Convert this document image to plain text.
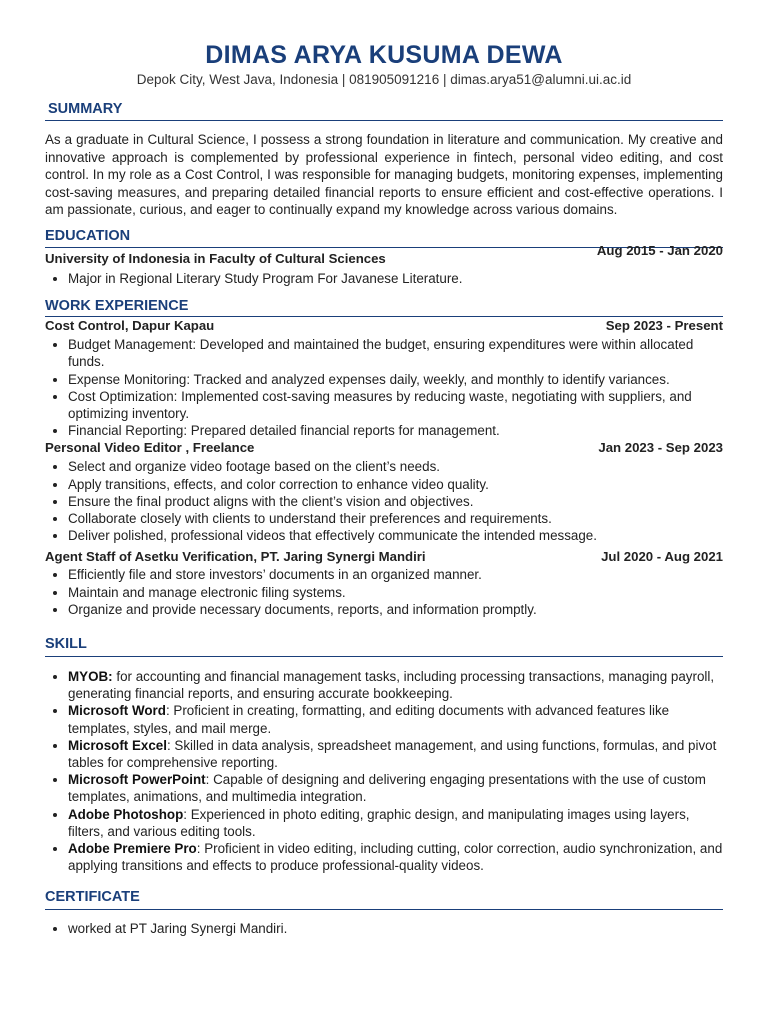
DIMAS ARYA KUSUMA DEWA
Depok City, West Java, Indonesia | 081905091216 | dimas.arya51@alumni.ui.ac.id
SUMMARY
As a graduate in Cultural Science, I possess a strong foundation in literature and communication. My creative and innovative approach is complemented by professional experience in fintech, personal video editing, and cost control. In my role as a Cost Control, I was responsible for managing budgets, monitoring expenses, implementing cost-saving measures, and preparing detailed financial reports to ensure efficient and cost-effective operations. I am passionate, curious, and eager to continually expand my knowledge across various domains.
EDUCATION
University of Indonesia in Faculty of Cultural Sciences
Aug 2015 - Jan 2020
• Major in Regional Literary Study Program For Javanese Literature.
WORK EXPERIENCE
Cost Control, Dapur Kapau	Sep 2023 - Present
• Budget Management: Developed and maintained the budget, ensuring expenditures were within allocated funds.
• Expense Monitoring: Tracked and analyzed expenses daily, weekly, and monthly to identify variances.
• Cost Optimization: Implemented cost-saving measures by reducing waste, negotiating with suppliers, and optimizing inventory.
• Financial Reporting: Prepared detailed financial reports for management.
Personal Video Editor , Freelance	Jan 2023 - Sep 2023
• Select and organize video footage based on the client’s needs.
• Apply transitions, effects, and color correction to enhance video quality.
• Ensure the final product aligns with the client’s vision and objectives.
• Collaborate closely with clients to understand their preferences and requirements.
• Deliver polished, professional videos that effectively communicate the intended message.
Agent Staff of Asetku Verification, PT. Jaring Synergi Mandiri	Jul 2020 - Aug 2021
• Efficiently file and store investors’ documents in an organized manner.
• Maintain and manage electronic filing systems.
• Organize and provide necessary documents, reports, and information promptly.
SKILL
• MYOB: for accounting and financial management tasks, including processing transactions, managing payroll, generating financial reports, and ensuring accurate bookkeeping.
• Microsoft Word: Proficient in creating, formatting, and editing documents with advanced features like templates, styles, and mail merge.
• Microsoft Excel: Skilled in data analysis, spreadsheet management, and using functions, formulas, and pivot tables for comprehensive reporting.
• Microsoft PowerPoint: Capable of designing and delivering engaging presentations with the use of custom templates, animations, and multimedia integration.
• Adobe Photoshop: Experienced in photo editing, graphic design, and manipulating images using layers, filters, and various editing tools.
• Adobe Premiere Pro: Proficient in video editing, including cutting, color correction, audio synchronization, and applying transitions and effects to produce professional-quality videos.
CERTIFICATE
• worked at PT Jaring Synergi Mandiri.
